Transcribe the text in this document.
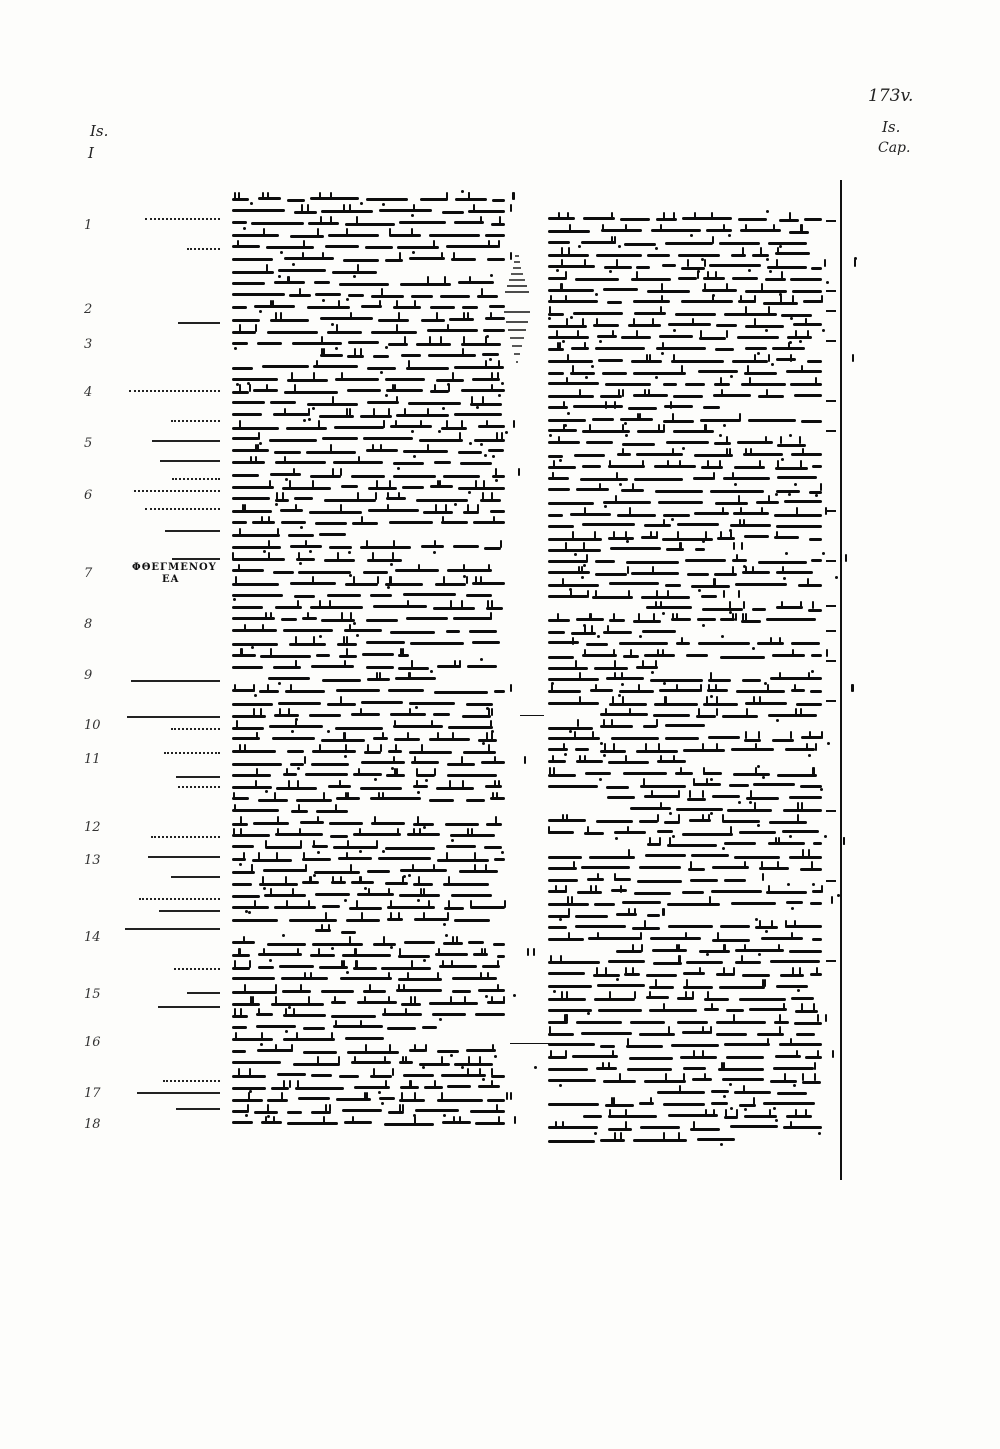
173v.
Is.
I
Is.
Cap.
1
2
3
4
5
6
7
8
9
10
11
12
13
14
15
16
17
18
ΦΘΕΓΜΕΝΟΥ
ΕΑ
